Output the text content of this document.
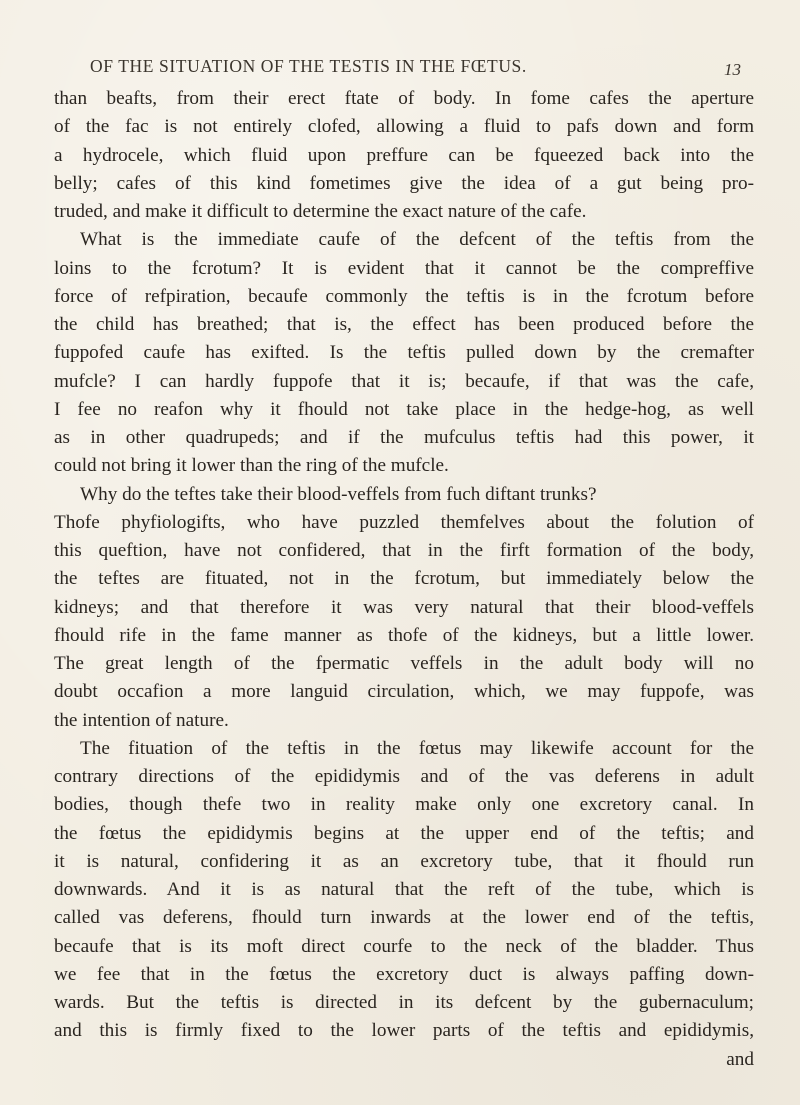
OF THE SITUATION OF THE TESTIS IN THE FŒTUS.	13
than beafts, from their erect ftate of body. In fome cafes the aperture
of the fac is not entirely clofed, allowing a fluid to pafs down and form
a hydrocele, which fluid upon preffure can be fqueezed back into the
belly; cafes of this kind fometimes give the idea of a gut being pro-
truded, and make it difficult to determine the exact nature of the cafe.
What is the immediate caufe of the defcent of the teftis from the
loins to the fcrotum? It is evident that it cannot be the compreffive
force of refpiration, becaufe commonly the teftis is in the fcrotum before
the child has breathed; that is, the effect has been produced before the
fuppofed caufe has exifted. Is the teftis pulled down by the cremafter
mufcle? I can hardly fuppofe that it is; becaufe, if that was the cafe,
I fee no reafon why it fhould not take place in the hedge-hog, as well
as in other quadrupeds; and if the mufculus teftis had this power, it
could not bring it lower than the ring of the mufcle.
Why do the teftes take their blood-veffels from fuch diftant trunks?
Thofe phyfiologifts, who have puzzled themfelves about the folution of
this queftion, have not confidered, that in the firft formation of the body,
the teftes are fituated, not in the fcrotum, but immediately below the
kidneys; and that therefore it was very natural that their blood-veffels
fhould rife in the fame manner as thofe of the kidneys, but a little lower.
The great length of the fpermatic veffels in the adult body will no
doubt occafion a more languid circulation, which, we may fuppofe, was
the intention of nature.
The fituation of the teftis in the fœtus may likewife account for the
contrary directions of the epididymis and of the vas deferens in adult
bodies, though thefe two in reality make only one excretory canal. In
the fœtus the epididymis begins at the upper end of the teftis; and
it is natural, confidering it as an excretory tube, that it fhould run
downwards. And it is as natural that the reft of the tube, which is
called vas deferens, fhould turn inwards at the lower end of the teftis,
becaufe that is its moft direct courfe to the neck of the bladder. Thus
we fee that in the fœtus the excretory duct is always paffing down-
wards. But the teftis is directed in its defcent by the gubernaculum;
and this is firmly fixed to the lower parts of the teftis and epididymis,
and
